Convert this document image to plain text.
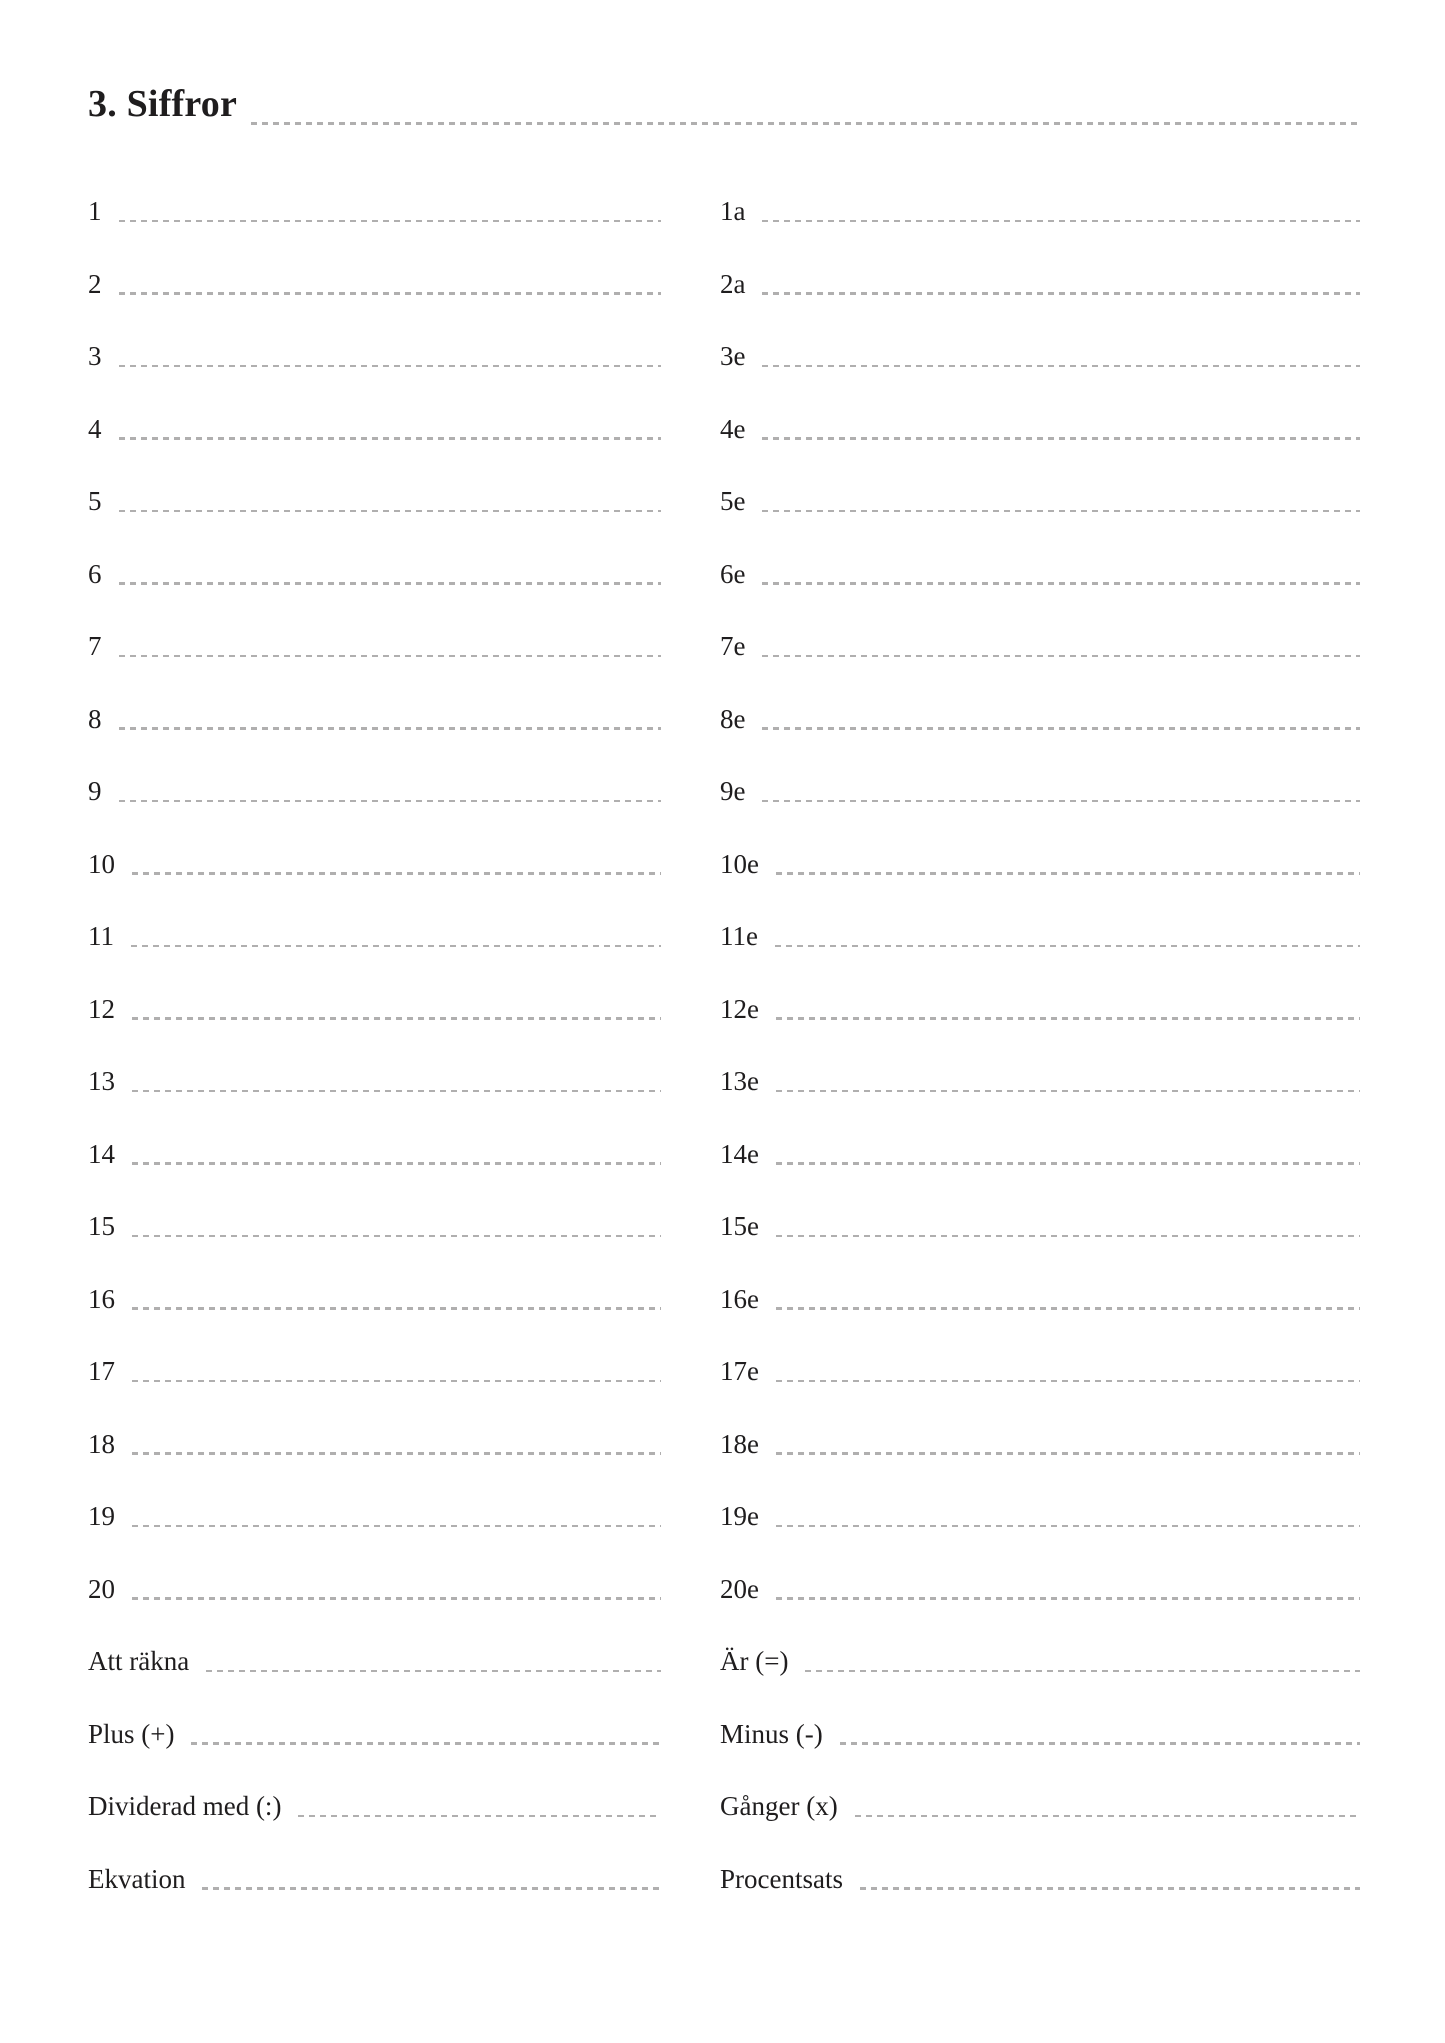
3. Siffror
1
2
3
4
5
6
7
8
9
10
11
12
13
14
15
16
17
18
19
20
Att räkna
Plus (+)
Dividerad med (:)
Ekvation
1a
2a
3e
4e
5e
6e
7e
8e
9e
10e
11e
12e
13e
14e
15e
16e
17e
18e
19e
20e
Är (=)
Minus (-)
Gånger (x)
Procentsats
